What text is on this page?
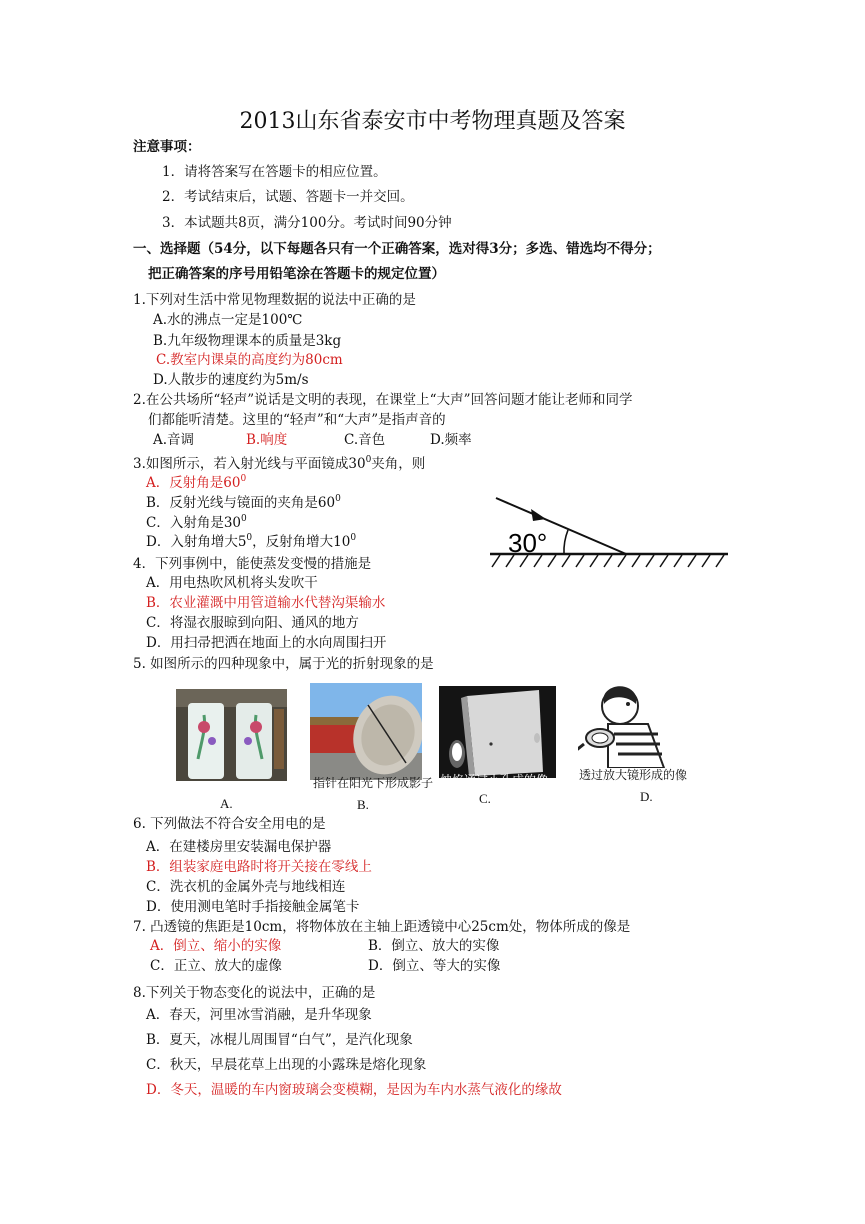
2013山东省泰安市中考物理真题及答案
注意事项：
1．请将答案写在答题卡的相应位置。
2．考试结束后，试题、答题卡一并交回。
3．本试题共8页，满分100分。考试时间90分钟
一、选择题（54分，以下每题各只有一个正确答案，选对得3分；多选、错选均不得分；
把正确答案的序号用铅笔涂在答题卡的规定位置）
1.下列对生活中常见物理数据的说法中正确的是
A.水的沸点一定是100℃
B.九年级物理课本的质量是3kg
C.教室内课桌的高度约为80cm
D.人散步的速度约为5m/s
2.在公共场所“轻声”说话是文明的表现，在课堂上“大声”回答问题才能让老师和同学
们都能听清楚。这里的“轻声”和“大声”是指声音的
A.音调	B.响度	C.音色	D.频率
3.如图所示，若入射光线与平面镜成$30^0$夹角，则
A．反射角是$60^0$
B．反射光线与镜面的夹角是$60^0$
C．入射角是$30^0$
D．入射角增大$5^0$，反射角增大$10^0$	30°
4．下列事例中，能使蒸发变慢的措施是
A．用电热吹风机将头发吹干
B．农业灌溉中用管道输水代替沟渠输水
C．将湿衣服晾到向阳、通风的地方
D．用扫帚把洒在地面上的水向周围扫开
5. 如图所示的四种现象中，属于光的折射现象的是
指针在阳光下形成影子 烛焰通过小孔成的像	透过放大镜形成的像
A.	B.	C.	D.
6. 下列做法不符合安全用电的是
A．在建楼房里安装漏电保护器
B．组装家庭电路时将开关接在零线上
C．洗衣机的金属外壳与地线相连
D．使用测电笔时手指接触金属笔卡
7. 凸透镜的焦距是10cm，将物体放在主轴上距透镜中心25cm处，物体所成的像是
A．倒立、缩小的实像	B．倒立、放大的实像
C．正立、放大的虚像	D．倒立、等大的实像
8.下列关于物态变化的说法中，正确的是
A．春天，河里冰雪消融，是升华现象
B．夏天，冰棍儿周围冒“白气”，是汽化现象
C．秋天，早晨花草上出现的小露珠是熔化现象
D．冬天，温暖的车内窗玻璃会变模糊，是因为车内水蒸气液化的缘故
